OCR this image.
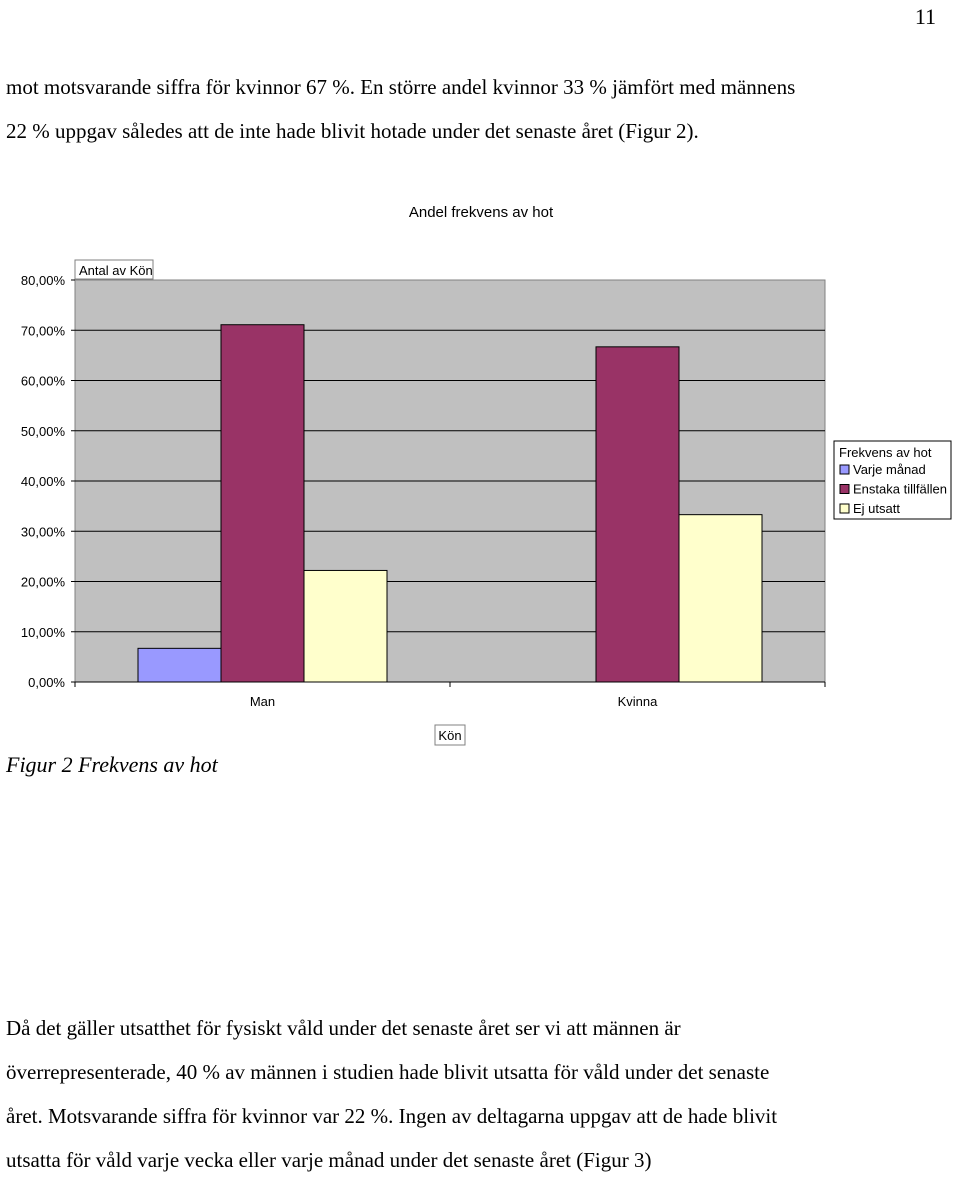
11

mot motsvarande siffra för kvinnor 67 %. En större andel kvinnor 33 % jämfört med männens
22 % uppgav således att de inte hade blivit hotade under det senaste året (Figur 2).

Andel frekvens av hot
0,00%
10,00%
20,00%
30,00%
40,00%
50,00%
60,00%
70,00%
80,00%
Man	Kvinna
Antal av Kön
Kön
Frekvens av hot
Varje månad
Enstaka tillfällen
Ej utsatt
Figur 2 Frekvens av hot

Då det gäller utsatthet för fysiskt våld under det senaste året ser vi att männen är
överrepresenterade, 40 % av männen i studien hade blivit utsatta för våld under det senaste
året. Motsvarande siffra för kvinnor var 22 %. Ingen av deltagarna uppgav att de hade blivit
utsatta för våld varje vecka eller varje månad under det senaste året (Figur 3)
